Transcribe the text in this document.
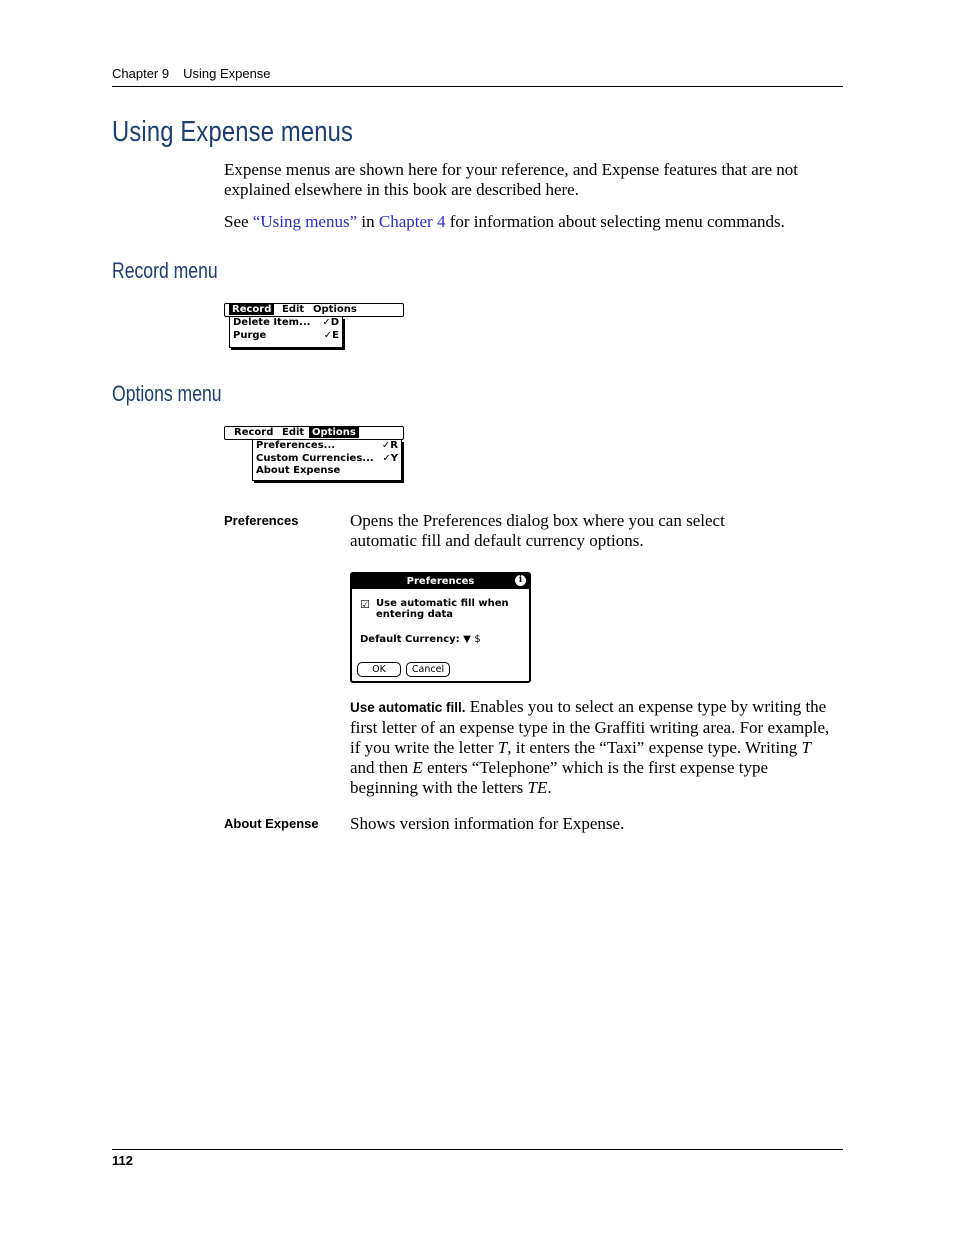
Chapter 9 Using Expense
Using Expense menus
Expense menus are shown here for your reference, and Expense features that are not explained elsewhere in this book are described here.
See “Using menus” in Chapter 4 for information about selecting menu commands.
Record menu
Record	Edit Options
Delete Item... ✓D
Purge	✓E
Options menu
Record Edit Options
Preferences...	✓R
Custom Currencies... ✓Y
About Expense
Preferences	Opens the Preferences dialog box where you can select automatic fill and default currency options.
Preferences	i
☑ Use automatic fill when
entering data
Default Currency: ▼ $
OK	Cancel
Use automatic fill. Enables you to select an expense type by writing the first letter of an expense type in the Graffiti writing area. For example, if you write the letter T, it enters the “Taxi” expense type. Writing T and then E enters “Telephone” which is the first expense type beginning with the letters TE.
About Expense Shows version information for Expense.
112
